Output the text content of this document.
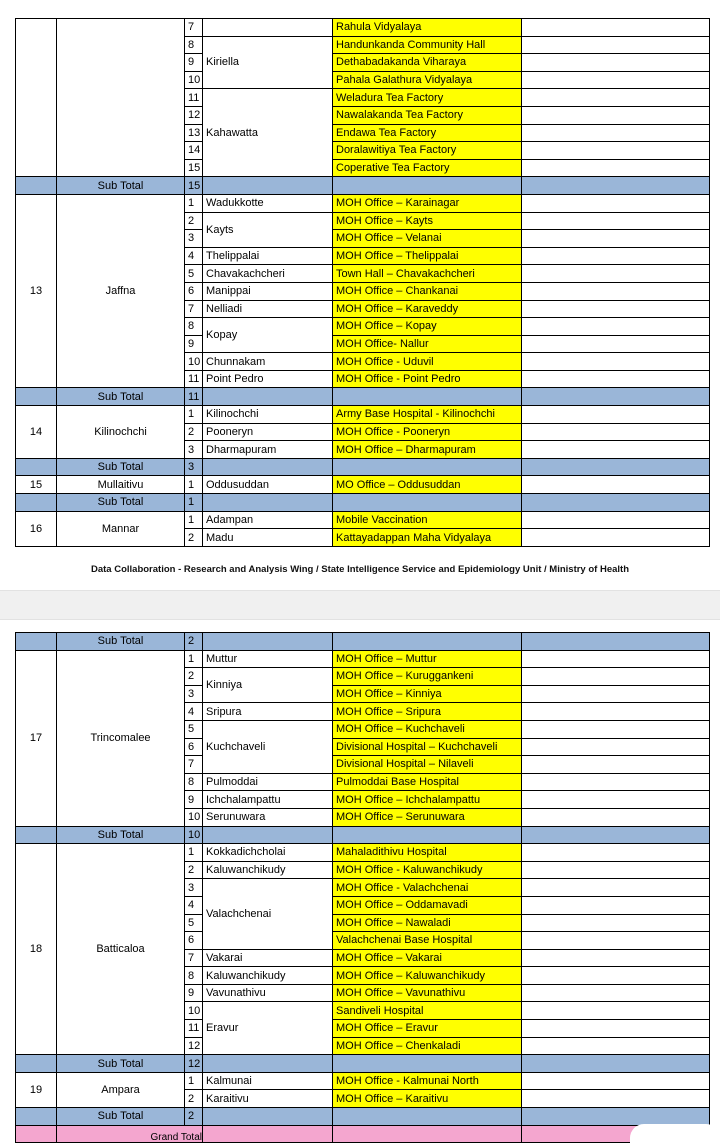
		7		Rahula Vidyalaya	
		8	Kiriella	Handunkanda Community Hall	
		9		Dethabadakanda Viharaya	
		10		Pahala Galathura Vidyalaya	
		11	Kahawatta	Weladura Tea Factory	
		12		Nawalakanda Tea Factory	
		13		Endawa Tea Factory	
		14		Doralawitiya Tea Factory	
		15		Coperative Tea Factory	
	Sub Total	15			
13	Jaffna	1	Wadukkotte	MOH Office – Karainagar	
		2	Kayts	MOH Office – Kayts	
		3		MOH Office – Velanai	
		4	Thelippalai	MOH Office – Thelippalai	
		5	Chavakachcheri	Town Hall – Chavakachcheri	
		6	Manippai	MOH Office – Chankanai	
		7	Nelliadi	MOH Office – Karaveddy	
		8	Kopay	MOH Office – Kopay	
		9		MOH Office- Nallur	
		10	Chunnakam	MOH Office - Uduvil	
		11	Point Pedro	MOH Office - Point Pedro	
	Sub Total	11			
14	Kilinochchi	1	Kilinochchi	Army Base Hospital - Kilinochchi	
		2	Pooneryn	MOH Office - Pooneryn	
		3	Dharmapuram	MOH Office – Dharmapuram	
	Sub Total	3			
15	Mullaitivu	1	Oddusuddan	MO Office – Oddusuddan	
	Sub Total	1			
16	Mannar	1	Adampan	Mobile Vaccination	
		2	Madu	Kattayadappan Maha Vidyalaya	
Data Collaboration - Research and Analysis Wing / State Intelligence Service and Epidemiology Unit / Ministry of Health
	Sub Total	2			
17	Trincomalee	1	Muttur	MOH Office – Muttur	
		2	Kinniya	MOH Office – Kuruggankeni	
		3		MOH Office – Kinniya	
		4	Sripura	MOH Office – Sripura	
		5	Kuchchaveli	MOH Office – Kuchchaveli	
		6		Divisional Hospital – Kuchchaveli	
		7		Divisional Hospital – Nilaveli	
		8	Pulmoddai	Pulmoddai Base Hospital	
		9	Ichchalampattu	MOH Office – Ichchalampattu	
		10	Serunuwara	MOH Office – Serunuwara	
	Sub Total	10			
18	Batticaloa	1	Kokkadichcholai	Mahaladithivu Hospital	
		2	Kaluwanchikudy	MOH Office - Kaluwanchikudy	
		3	Valachchenai	MOH Office - Valachchenai	
		4		MOH Office – Oddamavadi	
		5		MOH Office – Nawaladi	
		6		Valachchenai Base Hospital	
		7	Vakarai	MOH Office – Vakarai	
		8	Kaluwanchikudy	MOH Office – Kaluwanchikudy	
		9	Vavunathivu	MOH Office – Vavunathivu	
		10	Eravur	Sandiveli Hospital	
		11		MOH Office – Eravur	
		12		MOH Office – Chenkaladi	
	Sub Total	12			
19	Ampara	1	Kalmunai	MOH Office - Kalmunai North	
		2	Karaitivu	MOH Office – Karaitivu	
	Sub Total	2			
	Grand Total				
